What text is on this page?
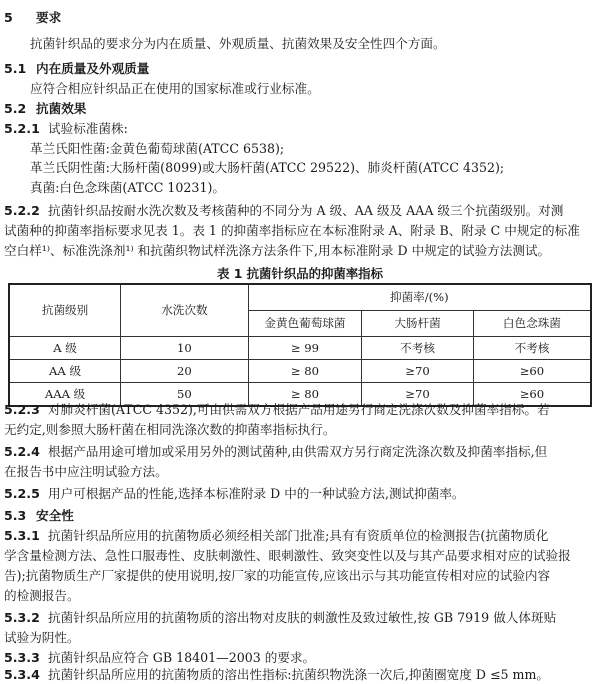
5 要求
抗菌针织品的要求分为内在质量、外观质量、抗菌效果及安全性四个方面。
5.1 内在质量及外观质量
应符合相应针织品正在使用的国家标准或行业标准。
5.2 抗菌效果
5.2.1 试验标准菌株:
革兰氏阳性菌:金黄色葡萄球菌(ATCC 6538);
革兰氏阴性菌:大肠杆菌(8099)或大肠杆菌(ATCC 29522)、肺炎杆菌(ATCC 4352);
真菌:白色念珠菌(ATCC 10231)。
5.2.2 抗菌针织品按耐水洗次数及考核菌种的不同分为 A 级、AA 级及 AAA 级三个抗菌级别。对测
试菌种的抑菌率指标要求见表 1。表 1 的抑菌率指标应在本标准附录 A、附录 B、附录 C 中规定的标准
空白样¹⁾、标准洗涤剂¹⁾ 和抗菌织物试样洗涤方法条件下,用本标准附录 D 中规定的试验方法测试。
表 1 抗菌针织品的抑菌率指标
抗菌级别	水洗次数	抑菌率/(%)		
		金黄色葡萄球菌	大肠杆菌	白色念珠菌
A 级	10	≥ 99	不考核	不考核
AA 级	20	≥ 80	≥70	≥60
AAA 级	50	≥ 80	≥70	≥60
5.2.3 对肺炎杆菌(ATCC 4352),可由供需双方根据产品用途另行商定洗涤次数及抑菌率指标。若
无约定,则参照大肠杆菌在相同洗涤次数的抑菌率指标执行。
5.2.4 根据产品用途可增加或采用另外的测试菌种,由供需双方另行商定洗涤次数及抑菌率指标,但
在报告书中应注明试验方法。
5.2.5 用户可根据产品的性能,选择本标准附录 D 中的一种试验方法,测试抑菌率。
5.3 安全性
5.3.1 抗菌针织品所应用的抗菌物质必须经相关部门批准;具有有资质单位的检测报告(抗菌物质化
学含量检测方法、急性口服毒性、皮肤刺激性、眼刺激性、致突变性以及与其产品要求相对应的试验报
告);抗菌物质生产厂家提供的使用说明,按厂家的功能宣传,应该出示与其功能宣传相对应的试验内容
的检测报告。
5.3.2 抗菌针织品所应用的抗菌物质的溶出物对皮肤的刺激性及致过敏性,按 GB 7919 做人体斑贴
试验为阴性。
5.3.3 抗菌针织品应符合 GB 18401—2003 的要求。
5.3.4 抗菌针织品所应用的抗菌物质的溶出性指标:抗菌织物洗涤一次后,抑菌圈宽度 D ≤5 mm。
